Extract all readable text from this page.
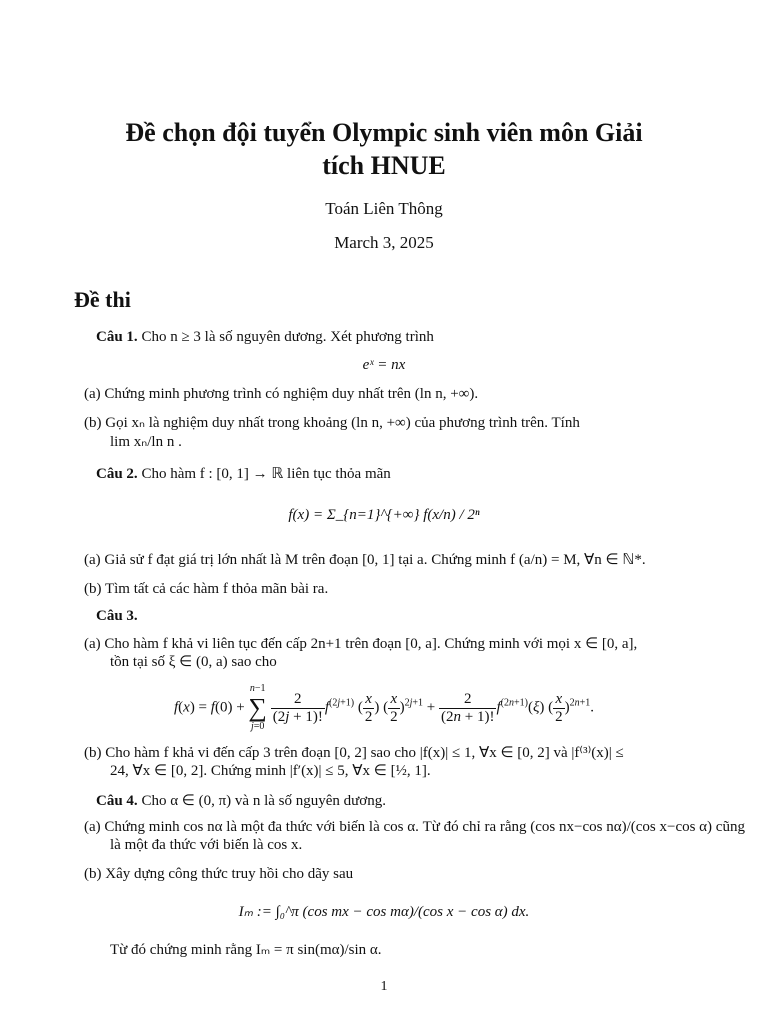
Đề chọn đội tuyển Olympic sinh viên môn Giải
tích HNUE
Toán Liên Thông
March 3, 2025
Đề thi
Câu 1. Cho n ≥ 3 là số nguyên dương. Xét phương trình
eˣ = nx
(a) Chứng minh phương trình có nghiệm duy nhất trên (ln n, +∞).
(b) Gọi xₙ là nghiệm duy nhất trong khoảng (ln n, +∞) của phương trình trên. Tính
lim xₙ/ln n .
Câu 2. Cho hàm f : [0, 1] → ℝ liên tục thỏa mãn
f(x) = Σ_{n=1}^{+∞} f(x/n) / 2ⁿ
(a) Giả sử f đạt giá trị lớn nhất là M trên đoạn [0, 1] tại a. Chứng minh f (a/n) = M, ∀n ∈ ℕ*.
(b) Tìm tất cả các hàm f thỏa mãn bài ra.
Câu 3.
(a) Cho hàm f khả vi liên tục đến cấp 2n+1 trên đoạn [0, a]. Chứng minh với mọi x ∈ [0, a],
tồn tại số ξ ∈ (0, a) sao cho
f(x) = f(0) +
n−1
∑
j=0

$\frac{2}{(2j + 1)!} f^{(2j+1)}$ ( $\frac{x}{2}$ ) ( $\frac{x}{2} )^{2j+1} + \frac{2}{(2n + 1)!} f^{(2n+1)}(\xi)$ ( $\frac{x}{2} )^{2n+1}$.
(b) Cho hàm f khả vi đến cấp 3 trên đoạn [0, 2] sao cho |f(x)| ≤ 1, ∀x ∈ [0, 2] và |f⁽³⁾(x)| ≤
24, ∀x ∈ [0, 2]. Chứng minh |f′(x)| ≤ 5, ∀x ∈ [½, 1].
Câu 4. Cho α ∈ (0, π) và n là số nguyên dương.
(a) Chứng minh cos nα là một đa thức với biến là cos α. Từ đó chỉ ra rằng (cos nx−cos nα)/(cos x−cos α) cũng
là một đa thức với biến là cos x.
(b) Xây dựng công thức truy hồi cho dãy sau
Iₘ := ∫₀^π (cos mx − cos mα)/(cos x − cos α) dx.
Từ đó chứng minh rằng Iₘ = π sin(mα)/sin α.
1
